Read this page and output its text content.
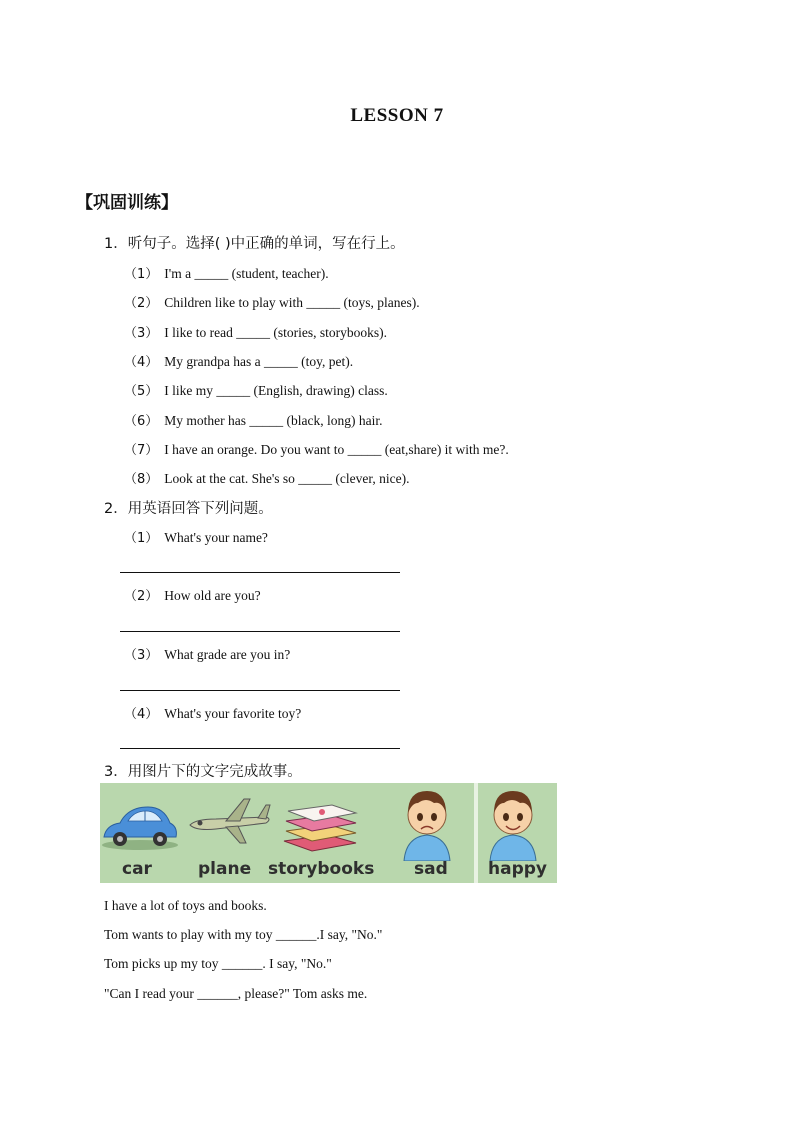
LESSON 7
【巩固训练】
1．听句子。选择( )中正确的单词，写在行上。
（1） I'm a _____ (student, teacher).
（2） Children like to play with _____ (toys, planes).
（3） I like to read _____ (stories, storybooks).
（4） My grandpa has a _____ (toy, pet).
（5） I like my _____ (English, drawing) class.
（6） My mother has _____ (black, long) hair.
（7） I have an orange. Do you want to _____ (eat,share) it with me?.
（8） Look at the cat. She's so _____ (clever, nice).
2．用英语回答下列问题。
（1） What's your name?
（2） How old are you?
（3） What grade are you in?
（4） What's your favorite toy?
3．用图片下的文字完成故事。
car	plane storybooks sad happy
I have a lot of toys and books.
Tom wants to play with my toy ______.I say, "No."
Tom picks up my toy ______. I say, "No."
"Can I read your ______, please?" Tom asks me.
